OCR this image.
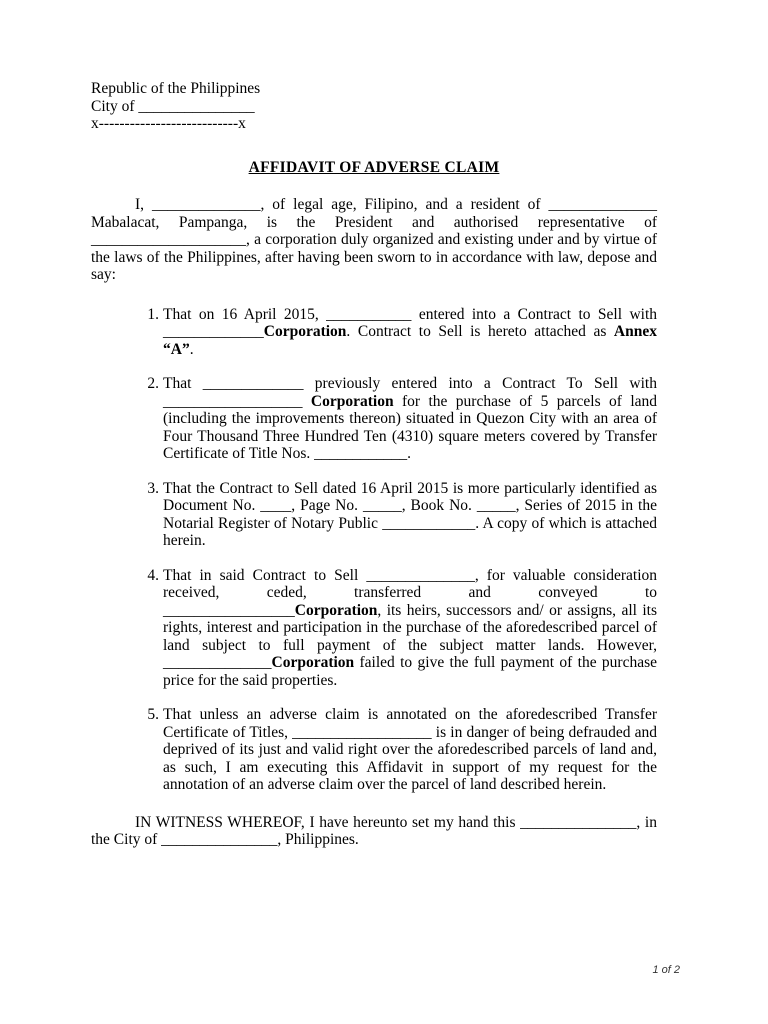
Republic of the Philippines
City of _______________
x---------------------------x
AFFIDAVIT OF ADVERSE CLAIM

I, ______________, of legal age, Filipino, and a resident of ______________ Mabalacat, Pampanga, is the President and authorised representative of ____________________, a corporation duly organized and existing under and by virtue of the laws of the Philippines, after having been sworn to in accordance with law, depose and say:

1. That on 16 April 2015, ___________ entered into a Contract to Sell with _____________Corporation. Contract to Sell is hereto attached as Annex “A”.
2. That _____________ previously entered into a Contract To Sell with __________________ Corporation for the purchase of 5 parcels of land (including the improvements thereon) situated in Quezon City with an area of Four Thousand Three Hundred Ten (4310) square meters covered by Transfer Certificate of Title Nos. ____________.
3. That the Contract to Sell dated 16 April 2015 is more particularly identified as Document No. ____, Page No. _____, Book No. _____, Series of 2015 in the Notarial Register of Notary Public ____________. A copy of which is attached herein.
4. That in said Contract to Sell ______________, for valuable consideration received, ceded, transferred and conveyed to _________________Corporation, its heirs, successors and/ or assigns, all its rights, interest and participation in the purchase of the aforedescribed parcel of land subject to full payment of the subject matter lands. However, ______________Corporation failed to give the full payment of the purchase price for the said properties.
5. That unless an adverse claim is annotated on the aforedescribed Transfer Certificate of Titles, __________________ is in danger of being defrauded and deprived of its just and valid right over the aforedescribed parcels of land and, as such, I am executing this Affidavit in support of my request for the annotation of an adverse claim over the parcel of land described herein.

IN WITNESS WHEREOF, I have hereunto set my hand this _______________, in the City of _______________, Philippines.

1 of 2
